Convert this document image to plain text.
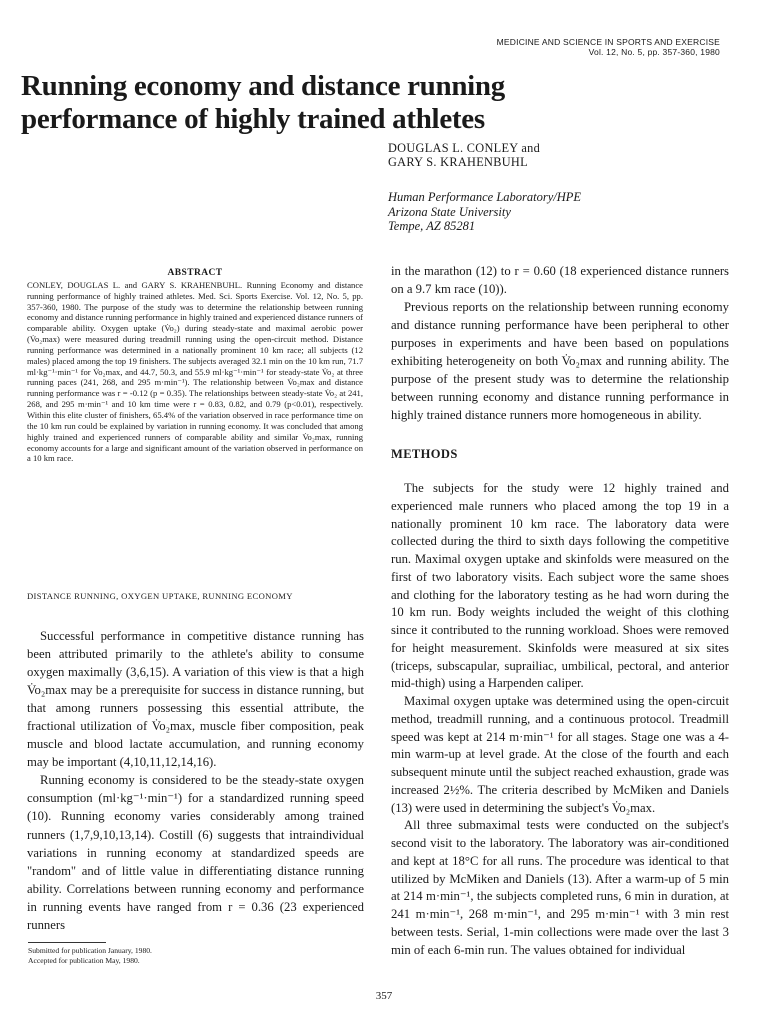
MEDICINE AND SCIENCE IN SPORTS AND EXERCISE
Vol. 12, No. 5, pp. 357-360, 1980
Running economy and distance running
performance of highly trained athletes
DOUGLAS L. CONLEY and
GARY S. KRAHENBUHL
Human Performance Laboratory/HPE
Arizona State University
Tempe, AZ 85281
ABSTRACT
CONLEY, DOUGLAS L. and GARY S. KRAHENBUHL. Running Economy and distance running performance of highly trained athletes. Med. Sci. Sports Exercise. Vol. 12, No. 5, pp. 357-360, 1980. The purpose of the study was to determine the relationship between running economy and distance running performance in highly trained and experienced distance runners of comparable ability. Oxygen uptake (V̇o₂) during steady-state and maximal aerobic power (V̇o₂max) were measured during treadmill running using the open-circuit method. Distance running performance was determined in a nationally prominent 10 km race; all subjects (12 males) placed among the top 19 finishers. The subjects averaged 32.1 min on the 10 km run, 71.7 ml·kg⁻¹·min⁻¹ for V̇o₂max, and 44.7, 50.3, and 55.9 ml·kg⁻¹·min⁻¹ for steady-state V̇o₂ at three running paces (241, 268, and 295 m·min⁻¹). The relationship between V̇o₂max and distance running performance was r = -0.12 (p = 0.35). The relationships between steady-state V̇o₂ at 241, 268, and 295 m·min⁻¹ and 10 km time were r = 0.83, 0.82, and 0.79 (p<0.01), respectively. Within this elite cluster of finishers, 65.4% of the variation observed in race performance time on the 10 km run could be explained by variation in running economy. It was concluded that among highly trained and experienced runners of comparable ability and similar V̇o₂max, running economy accounts for a large and significant amount of the variation observed in performance on a 10 km race.
DISTANCE RUNNING, OXYGEN UPTAKE, RUNNING ECONOMY

Successful performance in competitive distance running has been attributed primarily to the athlete's ability to consume oxygen maximally (3,6,15). A variation of this view is that a high V̇o₂max may be a prerequisite for success in distance running, but that among runners possessing this essential attribute, the fractional utilization of V̇o₂max, muscle fiber composition, peak muscle and blood lactate accumulation, and running economy may be important (4,10,11,12,14,16).

Running economy is considered to be the steady-state oxygen consumption (ml·kg⁻¹·min⁻¹) for a standardized running speed (10). Running economy varies considerably among trained runners (1,7,9,10,13,14). Costill (6) suggests that intraindividual variations in running economy at standardized speeds are "random" and of little value in differentiating distance running ability. Correlations between running economy and performance in running events have ranged from r = 0.36 (23 experienced runners

in the marathon (12) to r = 0.60 (18 experienced distance runners on a 9.7 km race (10)).

Previous reports on the relationship between running economy and distance running performance have been peripheral to other purposes in experiments and have been based on populations exhibiting heterogeneity on both V̇o₂max and running ability. The purpose of the present study was to determine the relationship between running economy and distance running performance in highly trained distance runners more homogeneous in ability.

METHODS

The subjects for the study were 12 highly trained and experienced male runners who placed among the top 19 in a nationally prominent 10 km race. The laboratory data were collected during the third to sixth days following the competitive run. Maximal oxygen uptake and skinfolds were measured on the first of two laboratory visits. Each subject wore the same shoes and clothing for the laboratory testing as he had worn during the 10 km run. Body weights included the weight of this clothing since it contributed to the running workload. Shoes were removed for height measurement. Skinfolds were measured at six sites (triceps, subscapular, suprailiac, umbilical, pectoral, and anterior mid-thigh) using a Harpenden caliper.

Maximal oxygen uptake was determined using the open-circuit method, treadmill running, and a continuous protocol. Treadmill speed was kept at 214 m·min⁻¹ for all stages. Stage one was a 4-min warm-up at level grade. At the close of the fourth and each subsequent minute until the subject reached exhaustion, grade was increased 2½%. The criteria described by McMiken and Daniels (13) were used in determining the subject's V̇o₂max.

All three submaximal tests were conducted on the subject's second visit to the laboratory. The laboratory was air-conditioned and kept at 18°C for all runs. The procedure was identical to that utilized by McMiken and Daniels (13). After a warm-up of 5 min at 214 m·min⁻¹, the subjects completed runs, 6 min in duration, at 241 m·min⁻¹, 268 m·min⁻¹, and 295 m·min⁻¹ with 3 min rest between tests. Serial, 1-min collections were made over the last 3 min of each 6-min run. The values obtained for individual

Submitted for publication January, 1980.
Accepted for publication May, 1980.
357
